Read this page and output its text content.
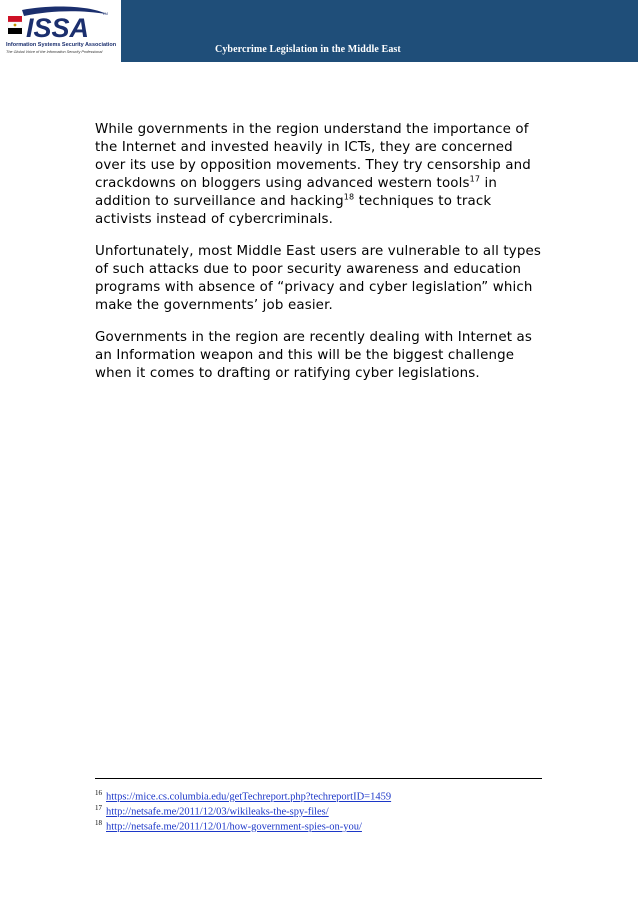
ISSA	TM
Information Systems Security Association
The Global Voice of the Information Security Professional	Cybercrime Legislation in the Middle East

While governments in the region understand the importance of the Internet and invested heavily in ICTs, they are concerned over its use by opposition movements. They try censorship and crackdowns on bloggers using advanced western tools$^{17}$ in addition to surveillance and hacking$^{18}$ techniques to track activists instead of cybercriminals.

Unfortunately, most Middle East users are vulnerable to all types of such attacks due to poor security awareness and education programs with absence of “privacy and cyber legislation” which make the governments’ job easier.

Governments in the region are recently dealing with Internet as an Information weapon and this will be the biggest challenge when it comes to drafting or ratifying cyber legislations.

$^{16}$ https://mice.cs.columbia.edu/getTechreport.php?techreportID=1459
$^{17}$ http://netsafe.me/2011/12/03/wikileaks-the-spy-files/
$^{18}$ http://netsafe.me/2011/12/01/how-government-spies-on-you/
